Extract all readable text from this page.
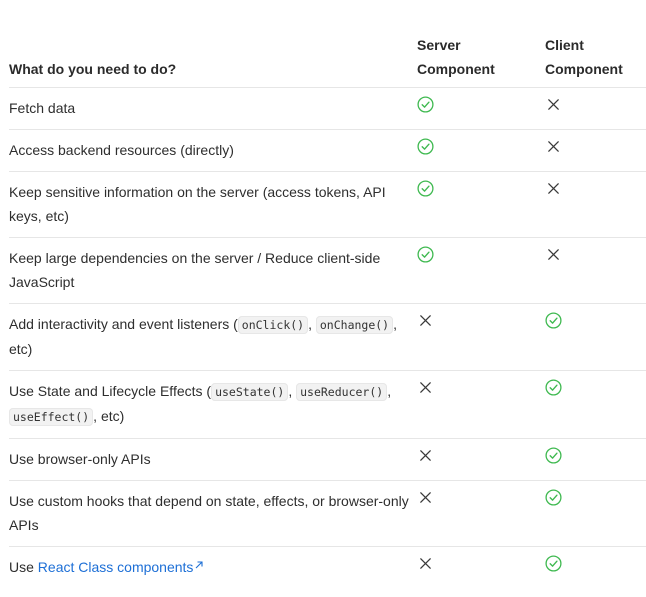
What do you need to do?
Server
Component
Client
Component
Fetch data
Access backend resources (directly)
Keep sensitive information on the server (access tokens, API keys, etc)
Keep large dependencies on the server / Reduce client-side JavaScript
Add interactivity and event listeners ( onClick() , onChange() , etc)
Use State and Lifecycle Effects ( useState() , useReducer() , useEffect() , etc)
Use browser-only APIs
Use custom hooks that depend on state, effects, or browser-only APIs
Use React Class components
